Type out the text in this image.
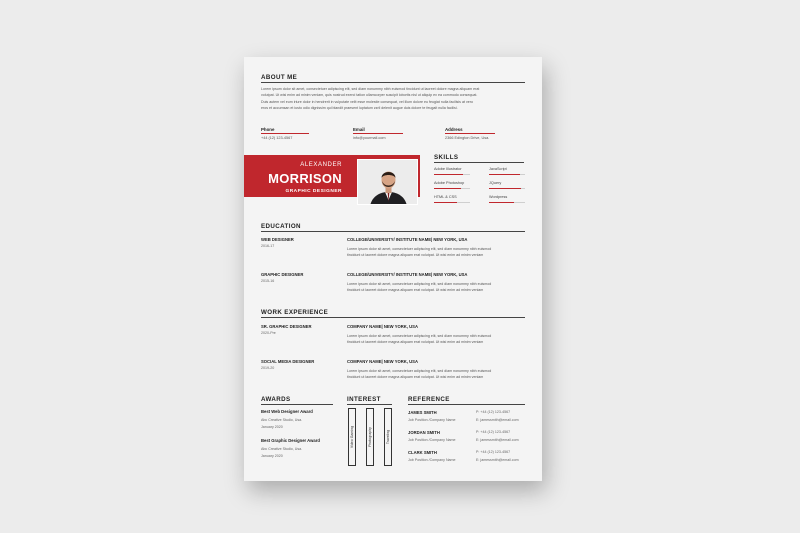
ABOUT ME
Lorem ipsum dolor sit amet, consectetuer adipiscing elit, sed diam nonummy nibh euismod tincidunt ut laoreet dolore magna aliquam erat
volutpat. Ut wisi enim ad minim veniam, quis nostrud exerci tation ullamcorper suscipit lobortis nisl ut aliquip ex ea commodo consequat.
Duis autem vel eum iriure dolor in hendrerit in vulputate velit esse molestie consequat, vel illum dolore eu feugiat nulla facilisis at vero
eros et accumsan et iusto odio dignissim qui blandit praesent luptatum zzril delenit augue duis dolore te feugait nulla facilisi.
Phone
+44 (12) 123-4567
Email
info@yourmail.com
Address
2366 Edington Drive, Usa.
ALEXANDER
MORRISON
GRAPHIC DESIGNER
SKILLS
Adobe Illustrator	JavaScript
Adobe Photoshop	JQuery
HTML & CSS	Wordpress
EDUCATION
WEB DESIGNER
2016-17
COLLEGE/UNIVERSITY/ INSTITUTE NAME| NEW YORK, USA
Lorem ipsum dolor sit amet, consectetuer adipiscing elit, sed diam nonummy nibh euismod
tincidunt ut laoreet dolore magna aliquam erat volutpat. Ut wisi enim ad minim veniam
GRAPHIC DESIGNER
2015-16
COLLEGE/UNIVERSITY/ INSTITUTE NAME| NEW YORK, USA
Lorem ipsum dolor sit amet, consectetuer adipiscing elit, sed diam nonummy nibh euismod
tincidunt ut laoreet dolore magna aliquam erat volutpat. Ut wisi enim ad minim veniam
WORK EXPERIENCE
SR. GRAPHIC DESIGNER
2020-Pre
COMPANY NAME| NEW YORK, USA
Lorem ipsum dolor sit amet, consectetuer adipiscing elit, sed diam nonummy nibh euismod
tincidunt ut laoreet dolore magna aliquam erat volutpat. Ut wisi enim ad minim veniam
SOCIAL MEDIA DESIGNER
2019-20
COMPANY NAME| NEW YORK, USA
Lorem ipsum dolor sit amet, consectetuer adipiscing elit, sed diam nonummy nibh euismod
tincidunt ut laoreet dolore magna aliquam erat volutpat. Ut wisi enim ad minim veniam
AWARDS
Best Web Designer Award
Abc Creative Studio, Usa.
January 2020
Best Graphic Designer Award
Abc Creative Studio, Usa.
January 2020
INTEREST
Video Gaming	Photography	Traveling
REFERENCE
JAMES SMITH
Job Position /Company Name
P: +44 (12) 123-4567
E: jamessmith@email.com
JORDAN SMITH
Job Position /Company Name
P: +44 (12) 123-4567
E: jamessmith@email.com
CLARK SMITH
Job Position /Company Name
P: +44 (12) 123-4567
E: jamessmith@email.com
